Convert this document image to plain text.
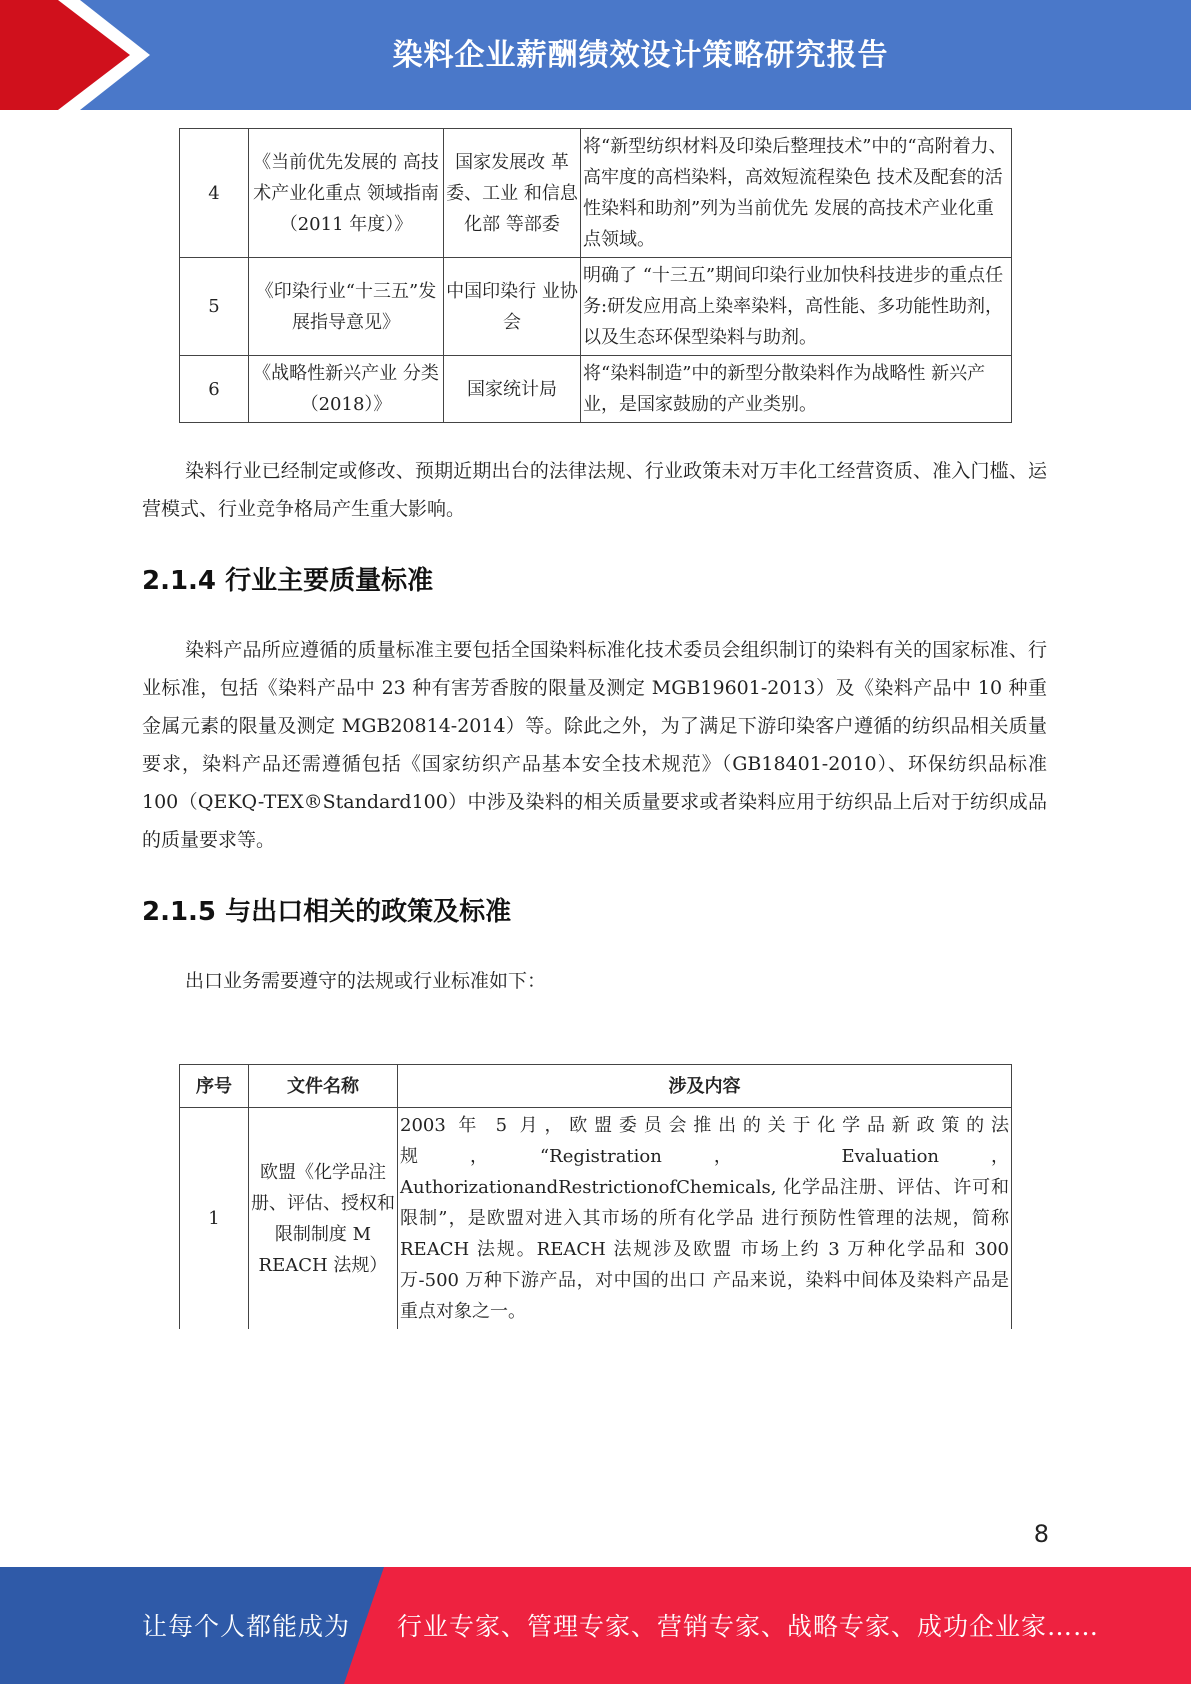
染料企业薪酬绩效设计策略研究报告
4	《当前优先发展的 高技术产业化重点 领域指南（2011 年度）》	国家发展改 革委、工业 和信息化部 等部委	将“新型纺织材料及印染后整理技术”中的“高附着力、高牢度的高档染料，高效短流程染色 技术及配套的活性染料和助剂”列为当前优先 发展的高技术产业化重点领域。
5	《印染行业“十三五”发展指导意见》	中国印染行 业协会	明确了 “十三五”期间印染行业加快科技进步的重点任务:研发应用高上染率染料，高性能、多功能性助剂，以及生态环保型染料与助剂。
6	《战略性新兴产业 分类（2018）》	国家统计局	将“染料制造”中的新型分散染料作为战略性 新兴产业，是国家鼓励的产业类别。
染料行业已经制定或修改、预期近期出台的法律法规、行业政策未对万丰化工经营资质、准入门槛、运营模式、行业竞争格局产生重大影响。
2.1.4 行业主要质量标准
染料产品所应遵循的质量标准主要包括全国染料标准化技术委员会组织制订的染料有关的国家标准、行业标准，包括《染料产品中 23 种有害芳香胺的限量及测定 MGB19601-2013）及《染料产品中 10 种重金属元素的限量及测定 MGB20814-2014）等。除此之外，为了满足下游印染客户遵循的纺织品相关质量要求，染料产品还需遵循包括《国家纺织产品基本安全技术规范》（GB18401-2010）、环保纺织品标准 100（QEKQ-TEX®Standard100）中涉及染料的相关质量要求或者染料应用于纺织品上后对于纺织成品的质量要求等。
2.1.5 与出口相关的政策及标准
出口业务需要遵守的法规或行业标准如下：
序号	文件名称	涉及内容
1	欧盟《化学品注册、评估、授权和限制制度 M REACH 法规）	2003 年 5 月，欧盟委员会推出的关于化学品新政策的法规，“Registration， Evaluation， AuthorizationandRestrictionofChemicals, 化学品注册、评估、许可和限制”，是欧盟对进入其市场的所有化学品 进行预防性管理的法规，简称 REACH 法规。REACH 法规涉及欧盟 市场上约 3 万种化学品和 300 万-500 万种下游产品，对中国的出口 产品来说，染料中间体及染料产品是重点对象之一。
8
让每个人都能成为 行业专家、管理专家、营销专家、战略专家、成功企业家……
